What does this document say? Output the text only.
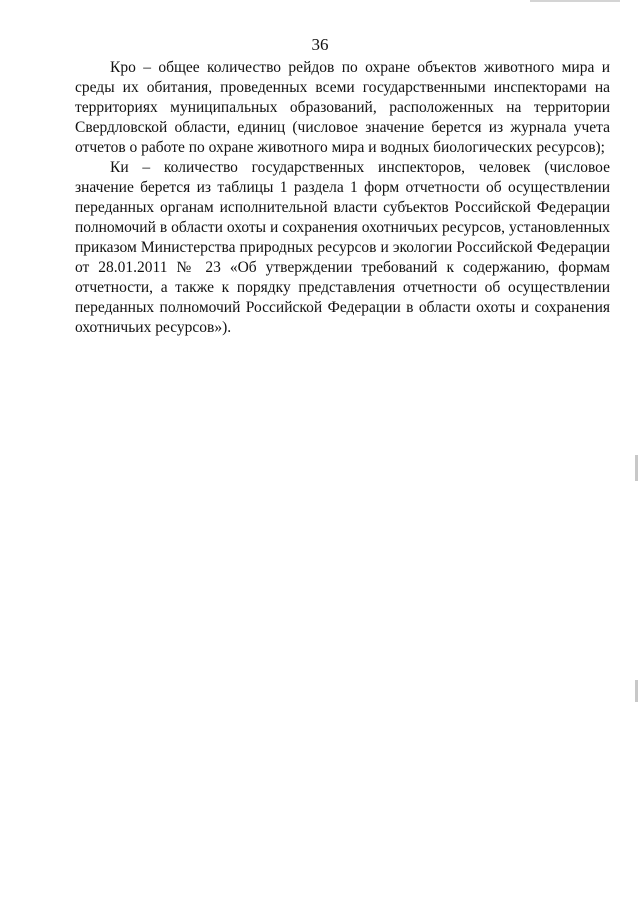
36

Кро – общее количество рейдов по охране объектов животного мира и среды их обитания, проведенных всеми государственными инспекторами на территориях муниципальных образований, расположенных на территории Свердловской области, единиц (числовое значение берется из журнала учета отчетов о работе по охране животного мира и водных биологических ресурсов);

Ки – количество государственных инспекторов, человек (числовое значение берется из таблицы 1 раздела 1 форм отчетности об осуществлении переданных органам исполнительной власти субъектов Российской Федерации полномочий в области охоты и сохранения охотничьих ресурсов, установленных приказом Министерства природных ресурсов и экологии Российской Федерации от 28.01.2011 № 23 «Об утверждении требований к содержанию, формам отчетности, а также к порядку представления отчетности об осуществлении переданных полномочий Российской Федерации в области охоты и сохранения охотничьих ресурсов»).
